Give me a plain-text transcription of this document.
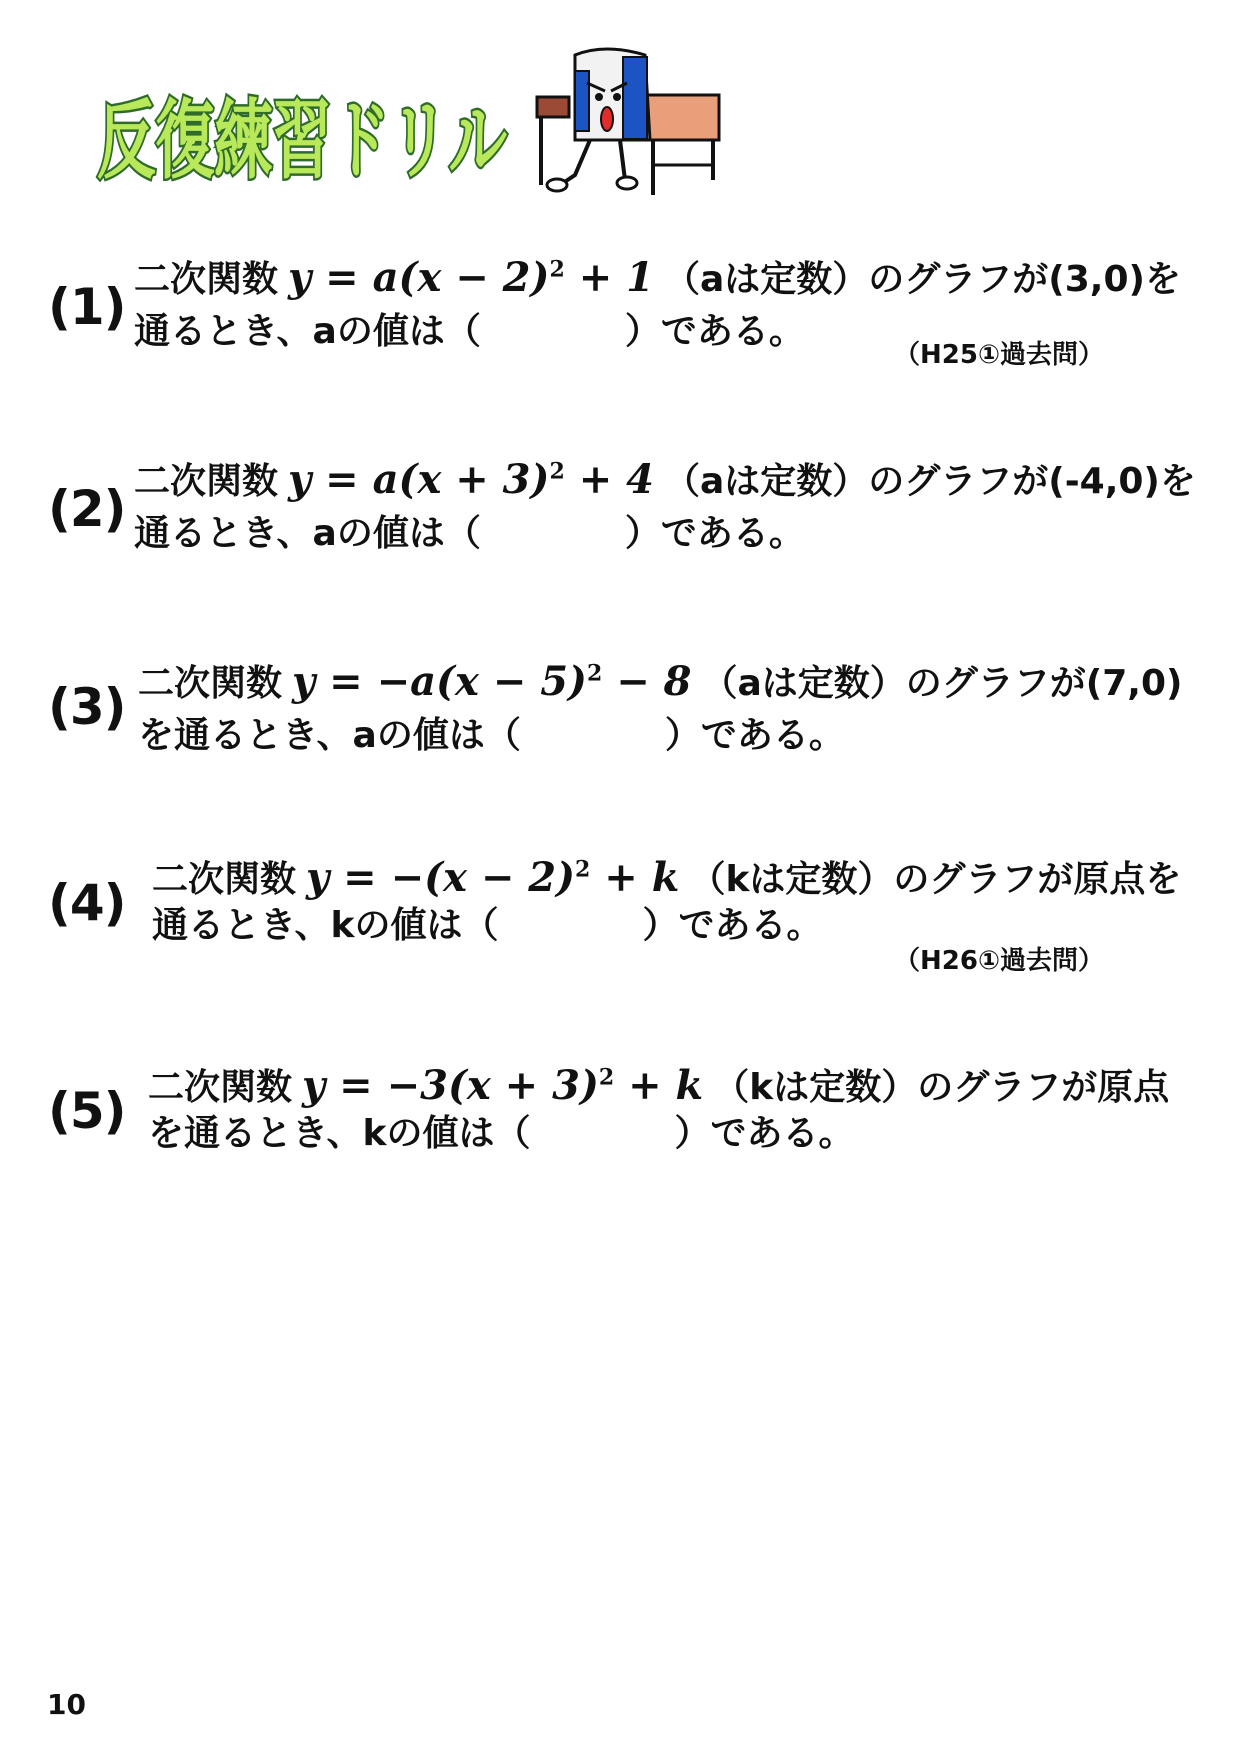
反復練習ドリル
(1) 二次関数 $y = a(x - 2)^2 + 1$ （aは定数）のグラフが(3,0)を
通るとき、aの値は（　　　　）である。
（H25①過去問）
(2) 二次関数 $y = a(x + 3)^2 + 4$ （aは定数）のグラフが(-4,0)を
通るとき、aの値は（　　　　）である。
(3) 二次関数 $y = -a(x - 5)^2 - 8$ （aは定数）のグラフが(7,0)
を通るとき、aの値は（　　　　）である。
(4) 二次関数 $y = -(x - 2)^2 + k$ （kは定数）のグラフが原点を
通るとき、kの値は（　　　　）である。
（H26①過去問）
(5) 二次関数 $y = -3(x + 3)^2 + k$ （kは定数）のグラフが原点
を通るとき、kの値は（　　　　）である。
10
